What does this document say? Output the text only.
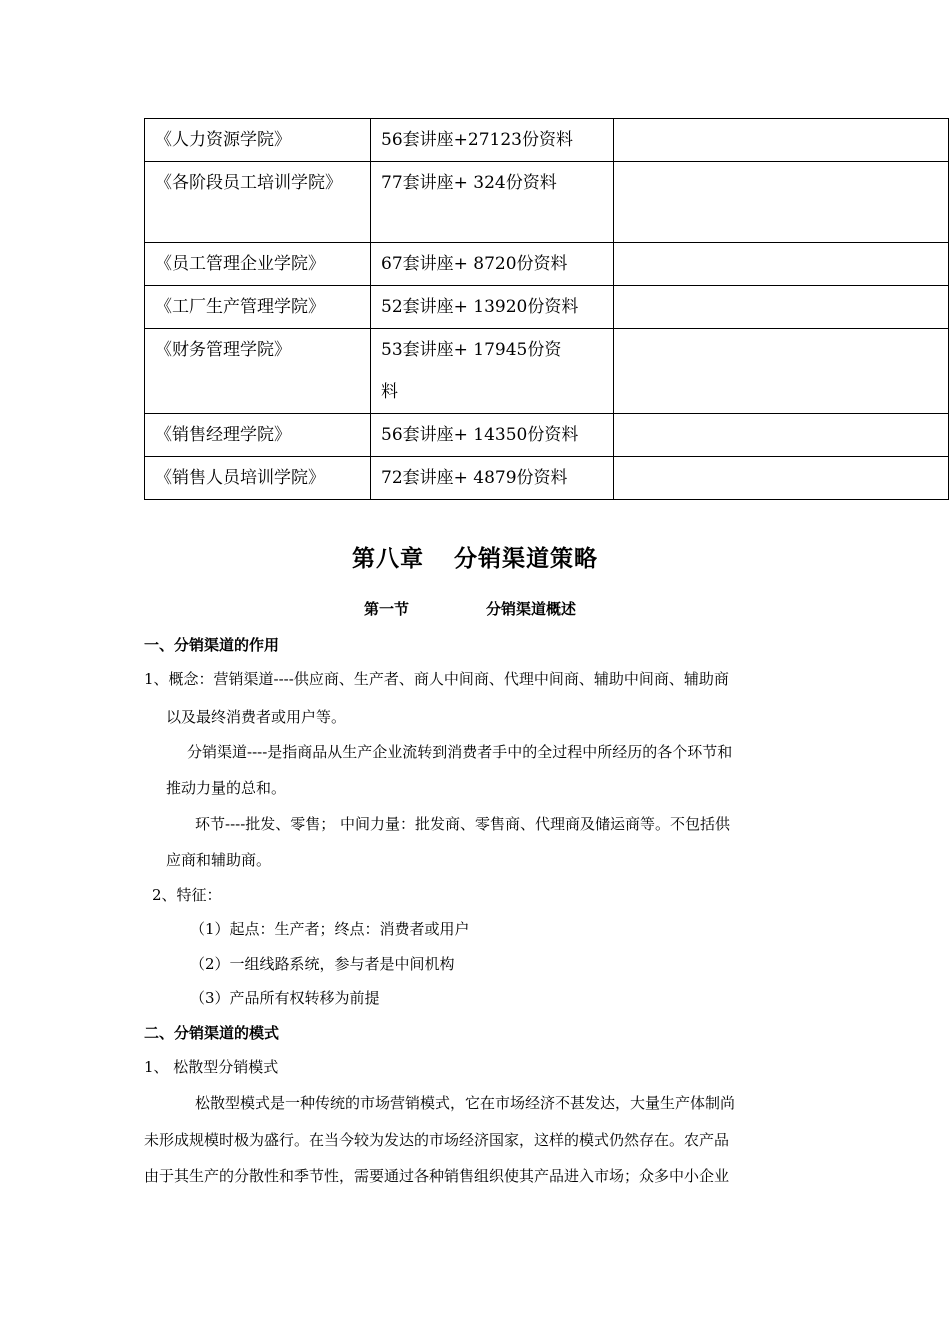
《人力资源学院》	56套讲座+27123份资料	

《各阶段员工培训学院》	77套讲座+ 324份资料	
《员工管理企业学院》	67套讲座+ 8720份资料	
《工厂生产管理学院》	52套讲座+ 13920份资料	
《财务管理学院》	53套讲座+ 17945份资料	

《销售经理学院》	56套讲座+ 14350份资料	
《销售人员培训学院》	72套讲座+ 4879份资料	
第八章 分销渠道策略
第一节	分销渠道概述
一、分销渠道的作用
1、概念：营销渠道----供应商、生产者、商人中间商、代理中间商、辅助中间商、辅助商
以及最终消费者或用户等。
分销渠道----是指商品从生产企业流转到消费者手中的全过程中所经历的各个环节和
推动力量的总和。
环节----批发、零售； 中间力量：批发商、零售商、代理商及储运商等。不包括供
应商和辅助商。
2、特征：
（1）起点：生产者；终点：消费者或用户
（2）一组线路系统，参与者是中间机构
（3）产品所有权转移为前提
二、分销渠道的模式
1、 松散型分销模式
松散型模式是一种传统的市场营销模式，它在市场经济不甚发达，大量生产体制尚
未形成规模时极为盛行。在当今较为发达的市场经济国家，这样的模式仍然存在。农产品
由于其生产的分散性和季节性，需要通过各种销售组织使其产品进入市场；众多中小企业
